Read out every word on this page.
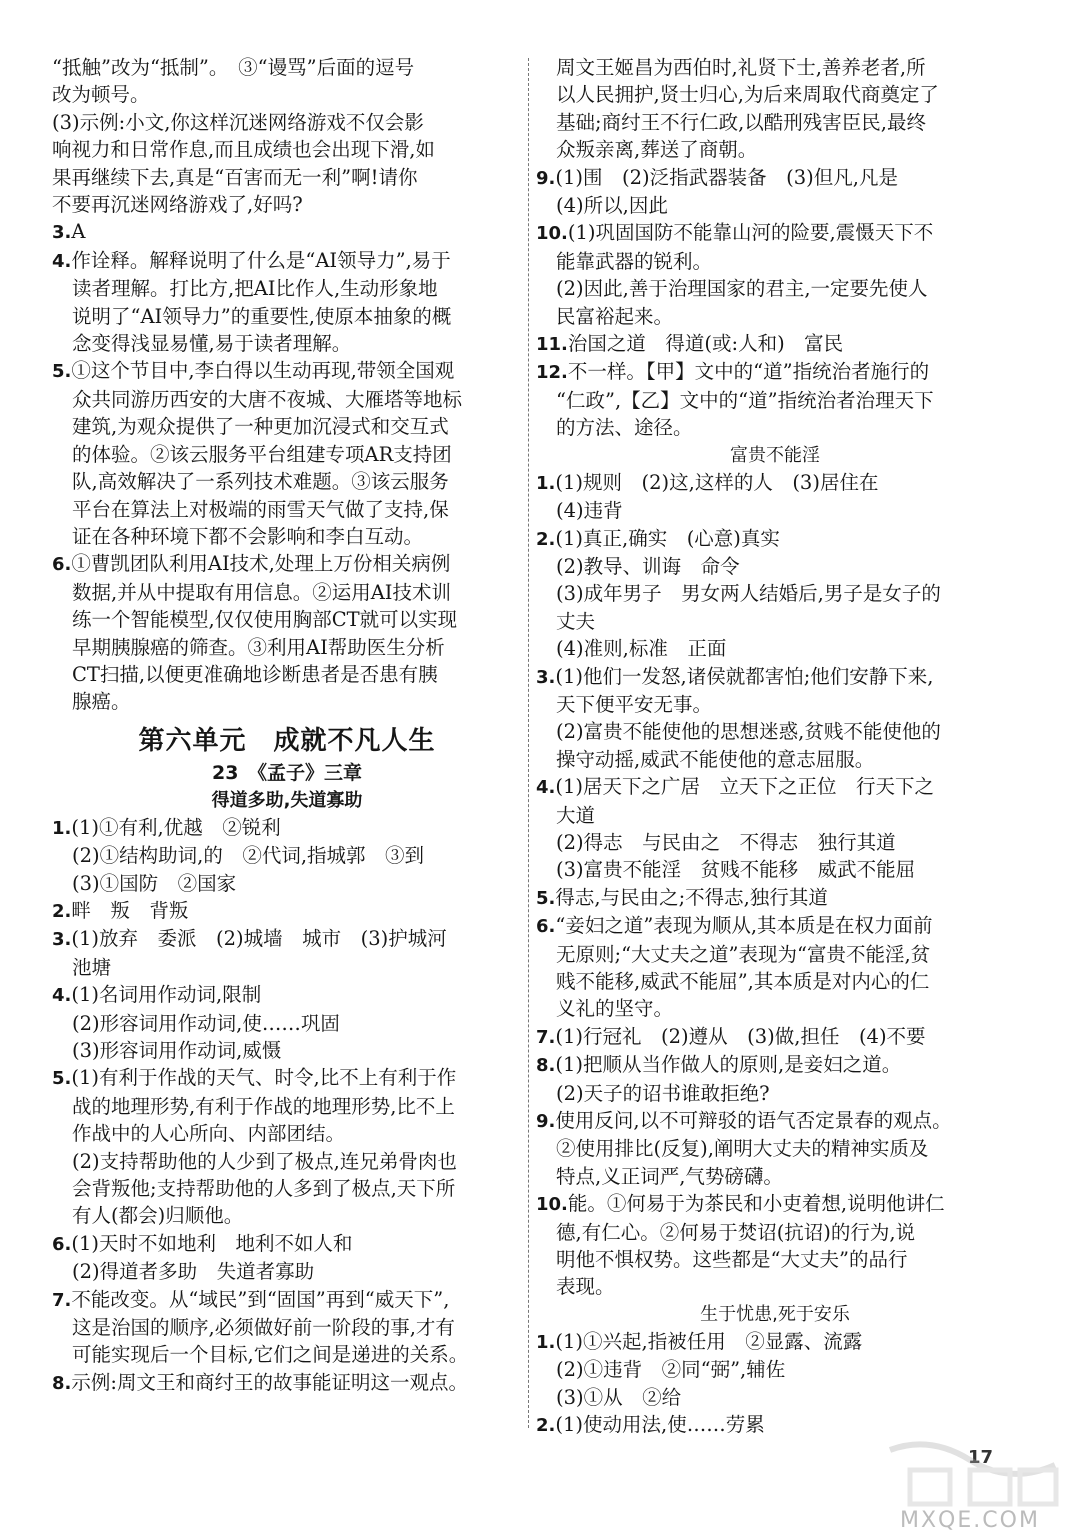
“抵触”改为“抵制”。　③“谩骂”后面的逗号
改为顿号。
(3)示例:小文,你这样沉迷网络游戏不仅会影
响视力和日常作息,而且成绩也会出现下滑,如
果再继续下去,真是“百害而无一利”啊!请你
不要再沉迷网络游戏了,好吗?
3.A
4.作诠释。解释说明了什么是“AI领导力”,易于
读者理解。打比方,把AI比作人,生动形象地
说明了“AI领导力”的重要性,使原本抽象的概
念变得浅显易懂,易于读者理解。
5.①这个节目中,李白得以生动再现,带领全国观
众共同游历西安的大唐不夜城、大雁塔等地标
建筑,为观众提供了一种更加沉浸式和交互式
的体验。②该云服务平台组建专项AR支持团
队,高效解决了一系列技术难题。③该云服务
平台在算法上对极端的雨雪天气做了支持,保
证在各种环境下都不会影响和李白互动。
6.①曹凯团队利用AI技术,处理上万份相关病例
数据,并从中提取有用信息。②运用AI技术训
练一个智能模型,仅仅使用胸部CT就可以实现
早期胰腺癌的筛查。③利用AI帮助医生分析
CT扫描,以便更准确地诊断患者是否患有胰
腺癌。
第六单元　成就不凡人生
23　《孟子》三章
得道多助,失道寡助
1.(1)①有利,优越　②锐利
(2)①结构助词,的　②代词,指城郭　③到
(3)①国防　②国家
2.畔　叛　背叛
3.(1)放弃　委派　(2)城墙　城市　(3)护城河
池塘
4.(1)名词用作动词,限制
(2)形容词用作动词,使……巩固
(3)形容词用作动词,威慑
5.(1)有利于作战的天气、时令,比不上有利于作
战的地理形势,有利于作战的地理形势,比不上
作战中的人心所向、内部团结。
(2)支持帮助他的人少到了极点,连兄弟骨肉也
会背叛他;支持帮助他的人多到了极点,天下所
有人(都会)归顺他。
6.(1)天时不如地利　地利不如人和
(2)得道者多助　失道者寡助
7.不能改变。从“域民”到“固国”再到“威天下”,
这是治国的顺序,必须做好前一阶段的事,才有
可能实现后一个目标,它们之间是递进的关系。
8.示例:周文王和商纣王的故事能证明这一观点。
周文王姬昌为西伯时,礼贤下士,善养老者,所
以人民拥护,贤士归心,为后来周取代商奠定了
基础;商纣王不行仁政,以酷刑残害臣民,最终
众叛亲离,葬送了商朝。
9.(1)围　(2)泛指武器装备　(3)但凡,凡是
(4)所以,因此
10.(1)巩固国防不能靠山河的险要,震慑天下不
能靠武器的锐利。
(2)因此,善于治理国家的君主,一定要先使人
民富裕起来。
11.治国之道　得道(或:人和)　富民
12.不一样。【甲】文中的“道”指统治者施行的
“仁政”,【乙】文中的“道”指统治者治理天下
的方法、途径。
富贵不能淫
1.(1)规则　(2)这,这样的人　(3)居住在
(4)违背
2.(1)真正,确实　(心意)真实
(2)教导、训诲　命令
(3)成年男子　男女两人结婚后,男子是女子的
丈夫
(4)准则,标准　正面
3.(1)他们一发怒,诸侯就都害怕;他们安静下来,
天下便平安无事。
(2)富贵不能使他的思想迷惑,贫贱不能使他的
操守动摇,威武不能使他的意志屈服。
4.(1)居天下之广居　立天下之正位　行天下之
大道
(2)得志　与民由之　不得志　独行其道
(3)富贵不能淫　贫贱不能移　威武不能屈
5.得志,与民由之;不得志,独行其道
6.“妾妇之道”表现为顺从,其本质是在权力面前
无原则;“大丈夫之道”表现为“富贵不能淫,贫
贱不能移,威武不能屈”,其本质是对内心的仁
义礼的坚守。
7.(1)行冠礼　(2)遵从　(3)做,担任　(4)不要
8.(1)把顺从当作做人的原则,是妾妇之道。
(2)天子的诏书谁敢拒绝?
9.使用反问,以不可辩驳的语气否定景春的观点。
②使用排比(反复),阐明大丈夫的精神实质及
特点,义正词严,气势磅礴。
10.能。①何易于为茶民和小吏着想,说明他讲仁
德,有仁心。②何易于焚诏(抗诏)的行为,说
明他不惧权势。这些都是“大丈夫”的品行
表现。
生于忧患,死于安乐
1.(1)①兴起,指被任用　②显露、流露
(2)①违背　②同“弼”,辅佐
(3)①从　②给
2.(1)使动用法,使……劳累
17
MXQE.COM
